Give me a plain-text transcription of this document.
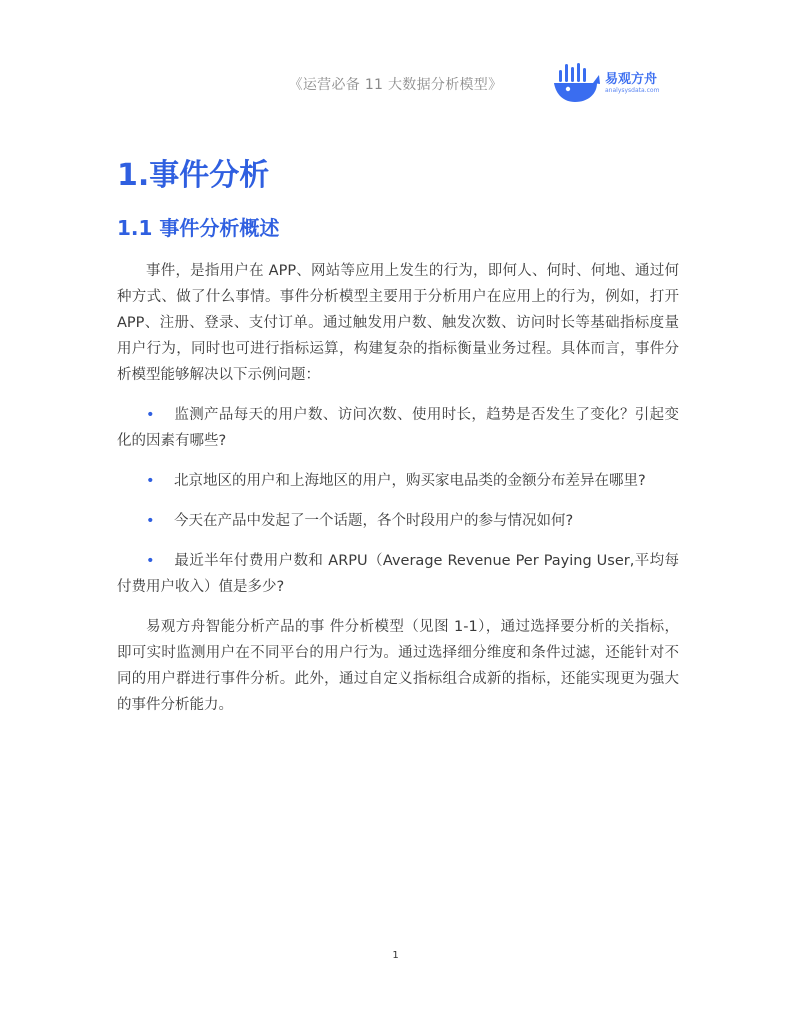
《运营必备 11 大数据分析模型》	易观方舟
analysysdata.com
1.事件分析
1.1 事件分析概述

事件，是指用户在 APP、网站等应用上发生的行为，即何人、何时、何地、通过何种方式、做了什么事情。事件分析模型主要用于分析用户在应用上的行为，例如，打开 APP、注册、登录、支付订单。通过触发用户数、触发次数、访问时长等基础指标度量用户行为，同时也可进行指标运算，构建复杂的指标衡量业务过程。具体而言，事件分析模型能够解决以下示例问题：

• 监测产品每天的用户数、访问次数、使用时长，趋势是否发生了变化？引起变化的因素有哪些?

• 北京地区的用户和上海地区的用户，购买家电品类的金额分布差异在哪里?

• 今天在产品中发起了一个话题，各个时段用户的参与情况如何?

• 最近半年付费用户数和 ARPU（Average Revenue Per Paying User,平均每付费用户收入）值是多少?

易观方舟智能分析产品的事 件分析模型（见图 1-1），通过选择要分析的关指标，即可实时监测用户在不同平台的用户行为。通过选择细分维度和条件过滤，还能针对不同的用户群进行事件分析。此外，通过自定义指标组合成新的指标，还能实现更为强大的事件分析能力。

1
